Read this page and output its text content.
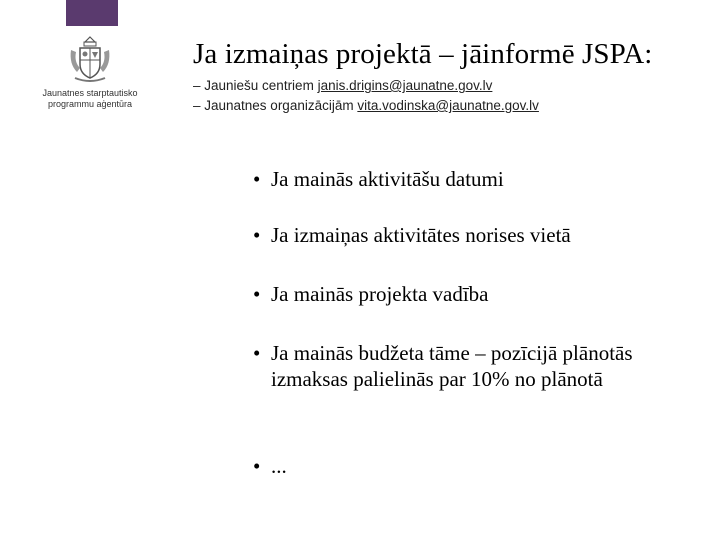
Jaunatnes starptautisko
programmu aģentūra
Ja izmaiņas projektā – jāinformē JSPA:
– Jauniešu centriem janis.drigins@jaunatne.gov.lv
– Jaunatnes organizācijām vita.vodinska@jaunatne.gov.lv
• Ja mainās aktivitāšu datumi
• Ja izmaiņas aktivitātes norises vietā
• Ja mainās projekta vadība
• Ja mainās budžeta tāme – pozīcijā plānotās izmaksas palielinās par 10% no plānotā
• ...
